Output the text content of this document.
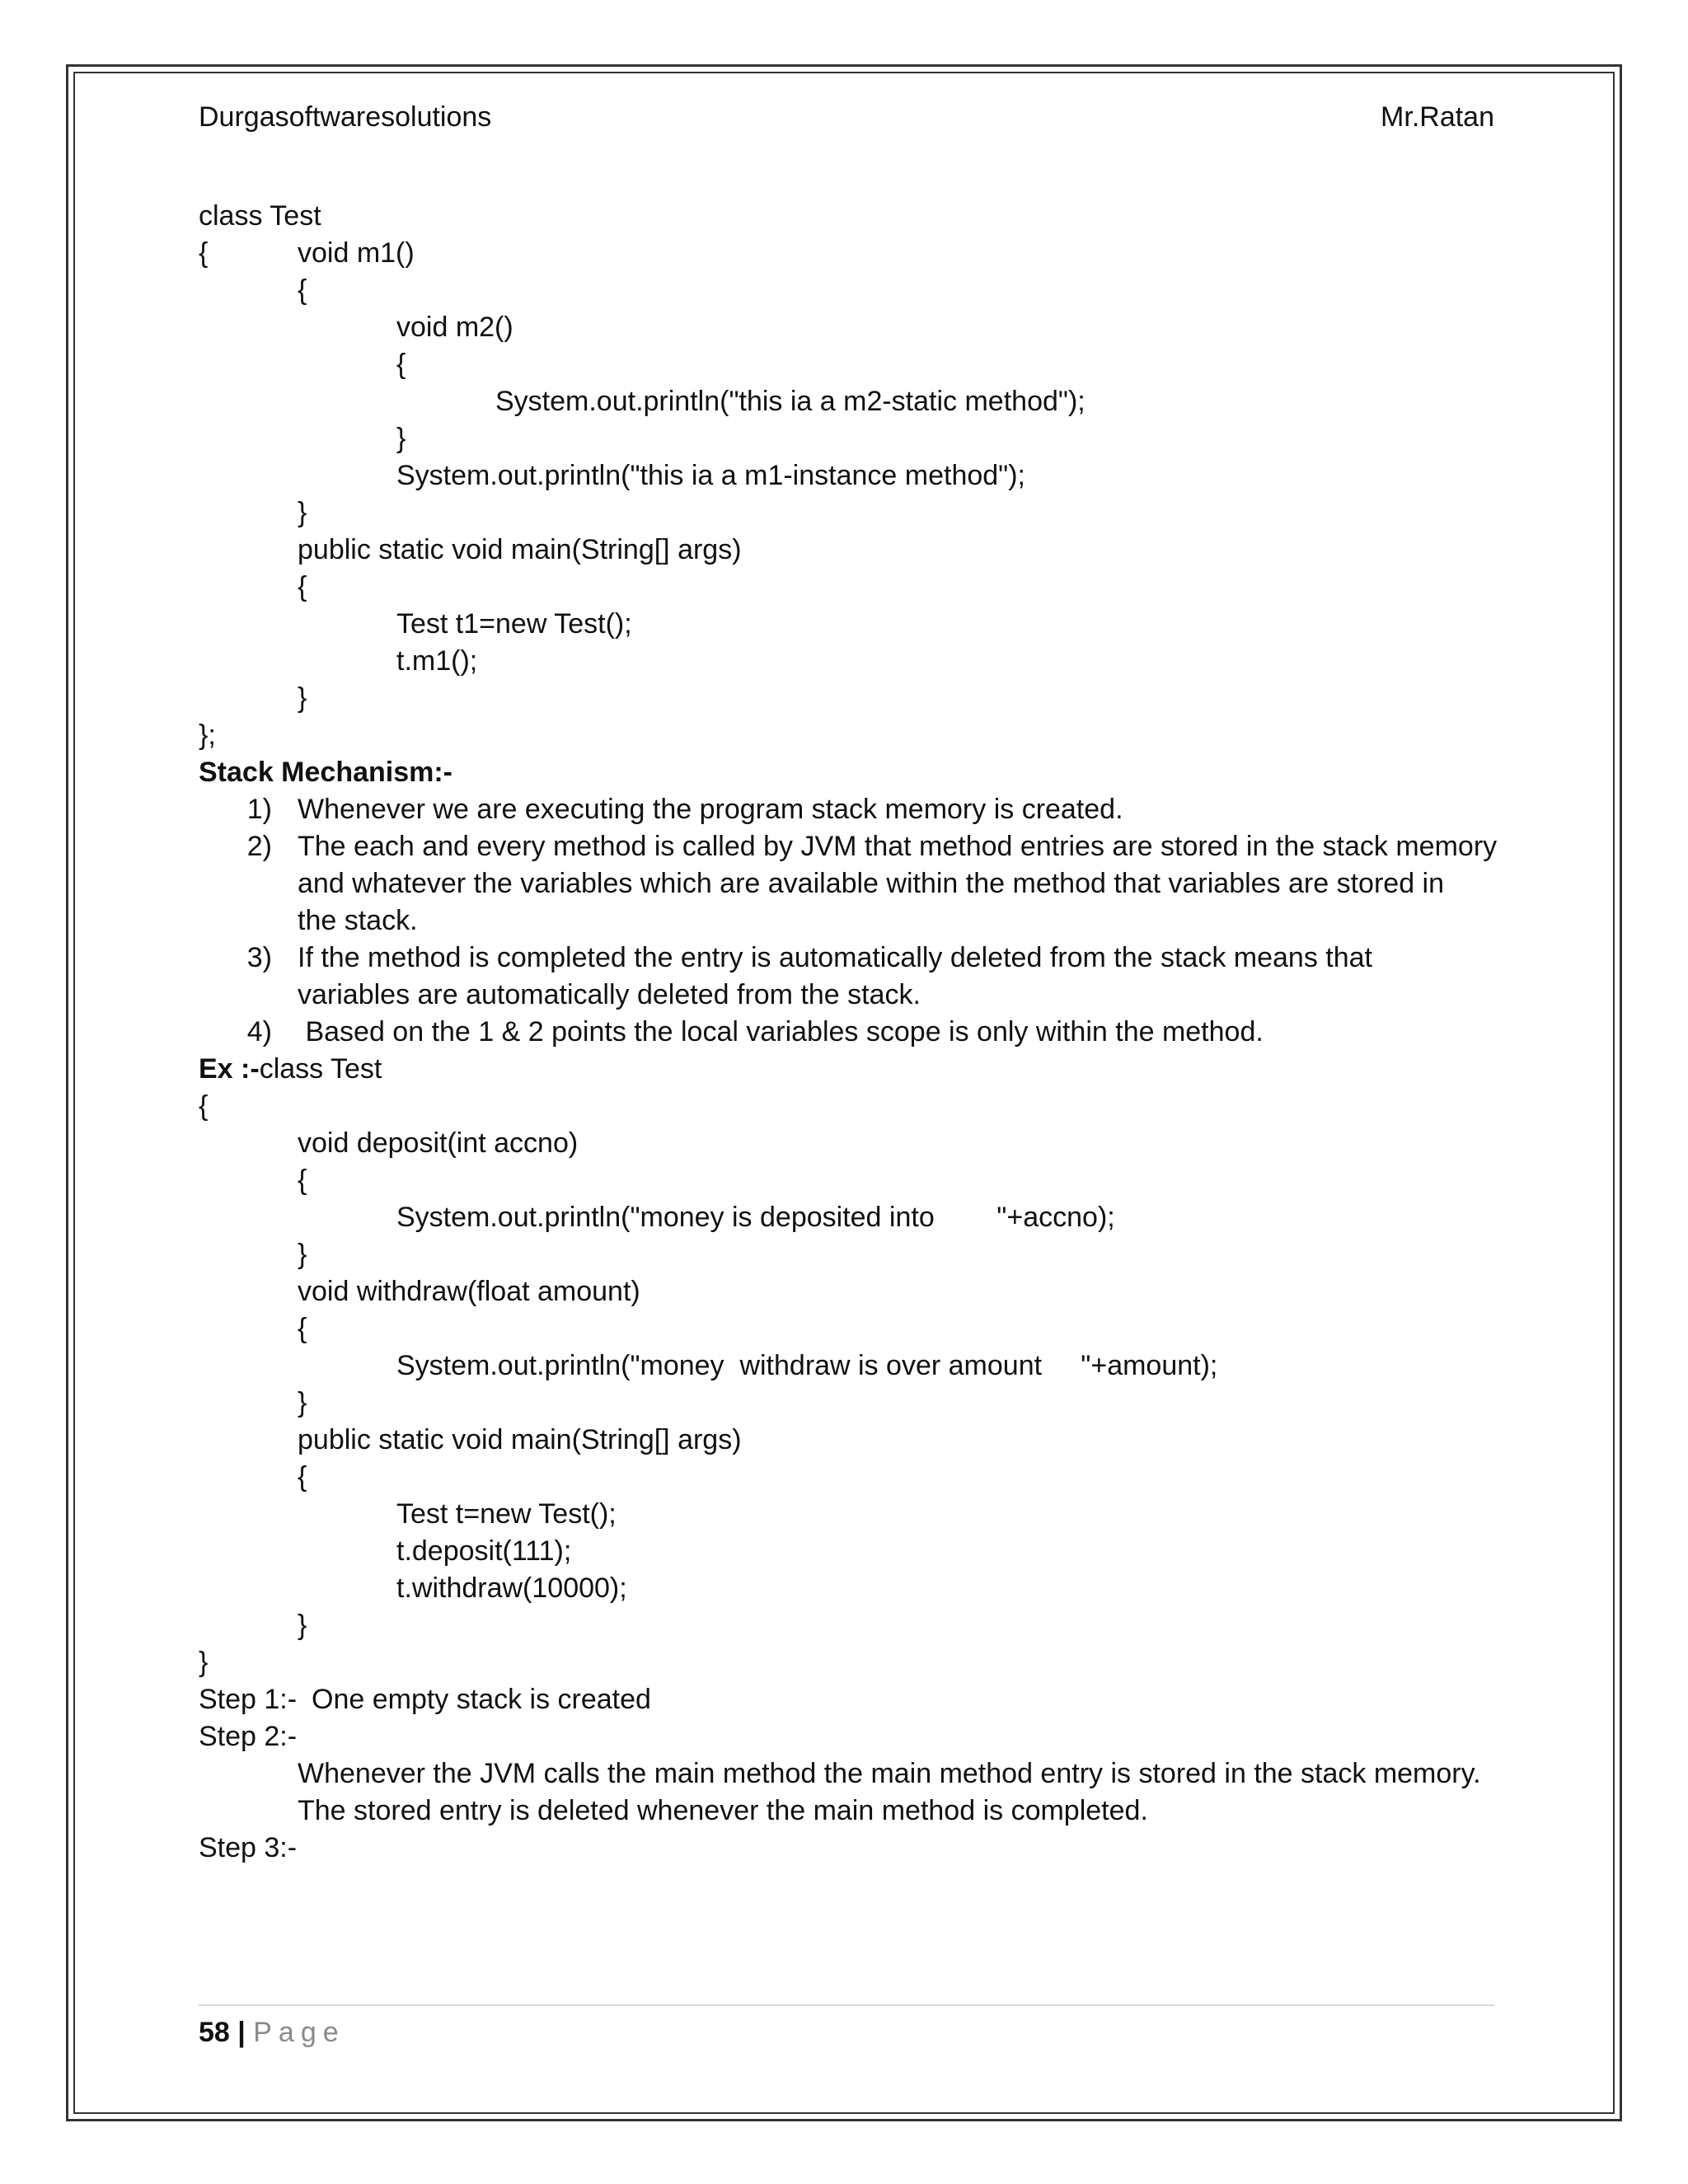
Durgasoftwaresolutions	Mr.Ratan
class Test
{	void m1()
{
void m2()
{
System.out.println("this ia a m2-static method");
}
System.out.println("this ia a m1-instance method");
}
public static void main(String[] args)
{
Test t1=new Test();
t.m1();
}
};
Stack Mechanism:-
1) Whenever we are executing the program stack memory is created.
2) The each and every method is called by JVM that method entries are stored in the stack memory
and whatever the variables which are available within the method that variables are stored in
the stack.
3) If the method is completed the entry is automatically deleted from the stack means that
variables are automatically deleted from the stack.
4) Based on the 1 & 2 points the local variables scope is only within the method.
Ex :-class Test
{
void deposit(int accno)
{
System.out.println("money is deposited into        "+accno);
}
void withdraw(float amount)
{
System.out.println("money  withdraw is over amount     "+amount);
}
public static void main(String[] args)
{
Test t=new Test();
t.deposit(111);
t.withdraw(10000);
}
}
Step 1:- One empty stack is created
Step 2:-
Whenever the JVM calls the main method the main method entry is stored in the stack memory.
The stored entry is deleted whenever the main method is completed.
Step 3:-
58 | Page
